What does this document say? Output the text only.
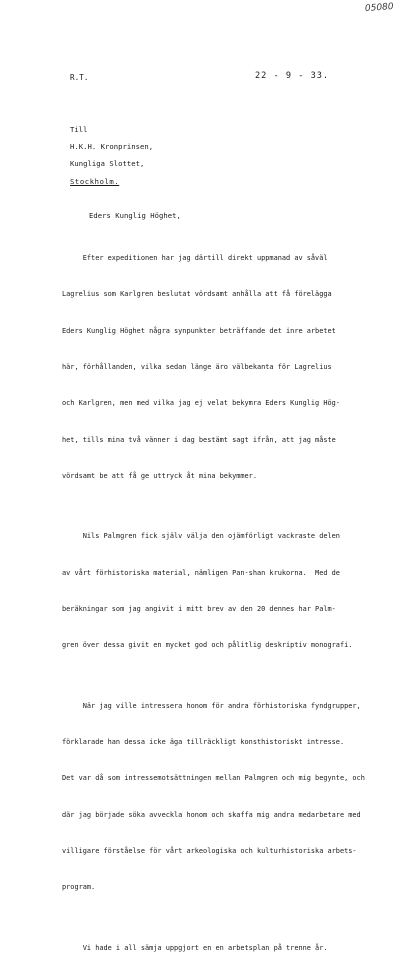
05080
R.T.	22 - 9 - 33.
Till
H.K.H. Kronprinsen,
Kungliga Slottet,
Stockholm.
Eders Kunglig Höghet,

Efter expeditionen har jag därtill direkt uppmanad av såväl

Lagrelius som Karlgren beslutat vördsamt anhålla att få förelägga

Eders Kunglig Höghet några synpunkter beträffande det inre arbetet

här, förhållanden, vilka sedan länge äro välbekanta för Lagrelius

och Karlgren, men med vilka jag ej velat bekymra Eders Kunglig Hög-

het, tills mina två vänner i dag bestämt sagt ifrån, att jag måste

vördsamt be att få ge uttryck åt mina bekymmer.

Nils Palmgren fick själv välja den ojämförligt vackraste delen

av vårt förhistoriska material, nämligen Pan-shan krukorna.  Med de

beräkningar som jag angivit i mitt brev av den 20 dennes har Palm-

gren över dessa givit en mycket god och pålitlig deskriptiv monografi.

När jag ville intressera honom för andra förhistoriska fyndgrupper,

förklarade han dessa icke äga tillräckligt konsthistoriskt intresse.

Det var då som intressemotsättningen mellan Palmgren och mig begynte, och

där jag började söka avveckla honom och skaffa mig andra medarbetare med

villigare förståelse för vårt arkeologiska och kulturhistoriska arbets-

program.

Vi hade i all sämja uppgjort en en arbetsplan på trenne år.
